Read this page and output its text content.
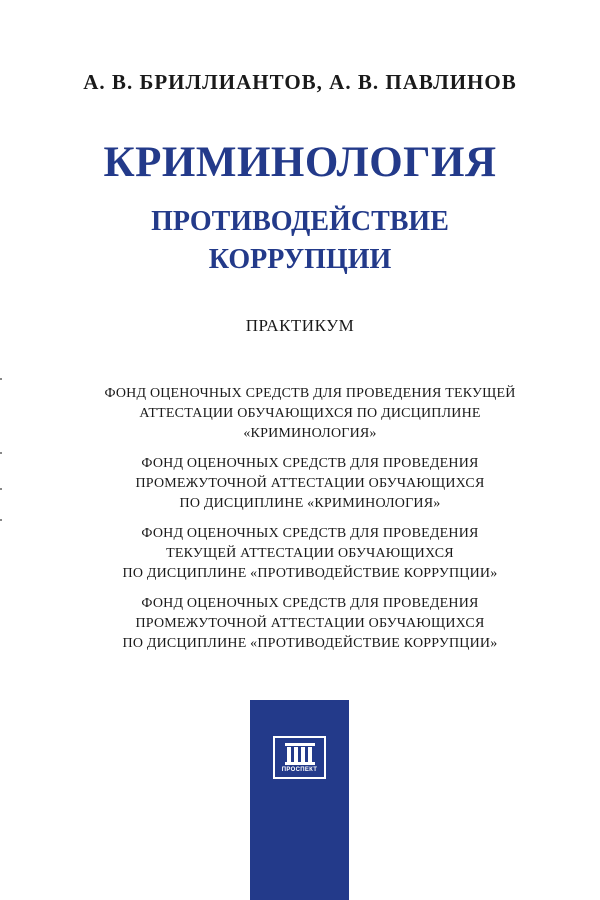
А. В. БРИЛЛИАНТОВ, А. В. ПАВЛИНОВ
КРИМИНОЛОГИЯ
ПРОТИВОДЕЙСТВИЕ
КОРРУПЦИИ
ПРАКТИКУМ
ФОНД ОЦЕНОЧНЫХ СРЕДСТВ ДЛЯ ПРОВЕДЕНИЯ ТЕКУЩЕЙ
АТТЕСТАЦИИ ОБУЧАЮЩИХСЯ ПО ДИСЦИПЛИНЕ
«КРИМИНОЛОГИЯ»
ФОНД ОЦЕНОЧНЫХ СРЕДСТВ ДЛЯ ПРОВЕДЕНИЯ
ПРОМЕЖУТОЧНОЙ АТТЕСТАЦИИ ОБУЧАЮЩИХСЯ
ПО ДИСЦИПЛИНЕ «КРИМИНОЛОГИЯ»
ФОНД ОЦЕНОЧНЫХ СРЕДСТВ ДЛЯ ПРОВЕДЕНИЯ
ТЕКУЩЕЙ АТТЕСТАЦИИ ОБУЧАЮЩИХСЯ
ПО ДИСЦИПЛИНЕ «ПРОТИВОДЕЙСТВИЕ КОРРУПЦИИ»
ФОНД ОЦЕНОЧНЫХ СРЕДСТВ ДЛЯ ПРОВЕДЕНИЯ
ПРОМЕЖУТОЧНОЙ АТТЕСТАЦИИ ОБУЧАЮЩИХСЯ
ПО ДИСЦИПЛИНЕ «ПРОТИВОДЕЙСТВИЕ КОРРУПЦИИ»
ПРОСПЕКТ
